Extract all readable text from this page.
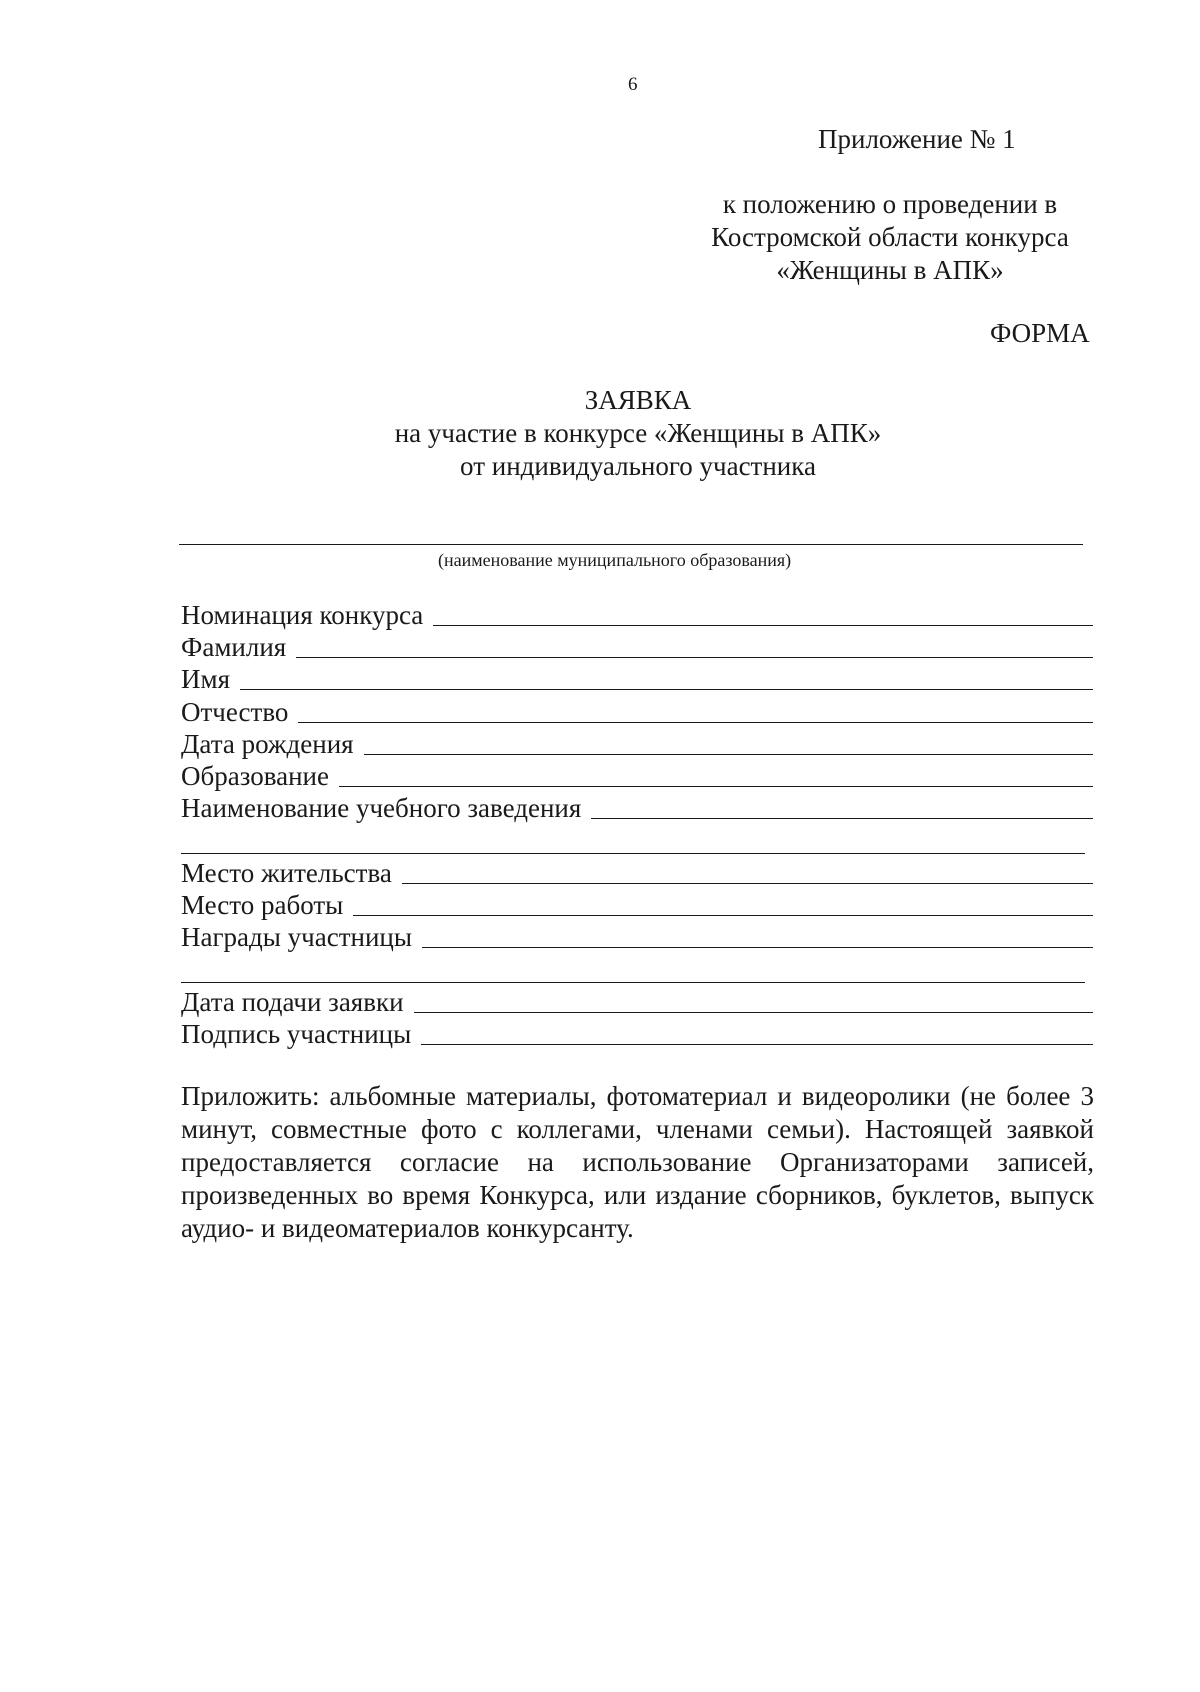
6
Приложение № 1
к положению о проведении в Костромской области конкурса «Женщины в АПК»
ФОРМА
ЗАЯВКА
на участие в конкурсе «Женщины в АПК»
от индивидуального участника
(наименование муниципального образования)
Номинация конкурса
Фамилия
Имя
Отчество
Дата рождения
Образование
Наименование учебного заведения
Место жительства
Место работы
Награды участницы
Дата подачи заявки
Подпись участницы
Приложить: альбомные материалы, фотоматериал и видеоролики (не более 3 минут, совместные фото с коллегами, членами семьи). Настоящей заявкой предоставляется согласие на использование Организаторами записей, произведенных во время Конкурса, или издание сборников, буклетов, выпуск аудио- и видеоматериалов конкурсанту.
